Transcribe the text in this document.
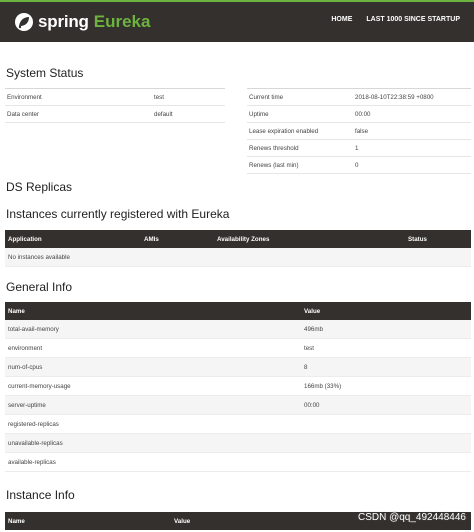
spring Eureka	HOME LAST 1000 SINCE STARTUP
System Status
Environment	test
Data center	default
Current time	2018-08-10T22:38:59 +0800
Uptime	00:00
Lease expiration enabled	false
Renews threshold	1
Renews (last min)	0
DS Replicas
Instances currently registered with Eureka
Application	AMIs	Availability Zones	Status
No instances available
General Info
Name	Value
total-avail-memory	496mb
environment	test
num-of-cpus	8
current-memory-usage	166mb (33%)
server-uptime	00:00
registered-replicas	
unavailable-replicas	
available-replicas	
Instance Info
Name	Value	CSDN @qq_492448446
